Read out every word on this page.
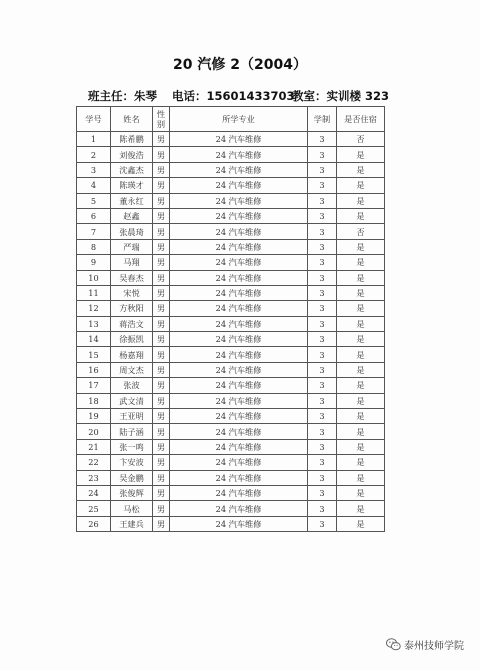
20 汽修 2（2004）
班主任：朱琴 电话：15601433703
教室：实训楼 323
学号	姓名	性别	所学专业	学制	是否住宿
1	陈希鹏	男	24 汽车维修	3	否
2	刘俊浩	男	24 汽车维修	3	是
3	沈鑫杰	男	24 汽车维修	3	是
4	陈瑛才	男	24 汽车维修	3	是
5	董永红	男	24 汽车维修	3	是
6	赵鑫	男	24 汽车维修	3	是
7	张晨琦	男	24 汽车维修	3	否
8	严瑞	男	24 汽车维修	3	是
9	马翔	男	24 汽车维修	3	是
10	吴春杰	男	24 汽车维修	3	是
11	宋悦	男	24 汽车维修	3	是
12	方秋阳	男	24 汽车维修	3	是
13	蒋浩文	男	24 汽车维修	3	是
14	徐振凯	男	24 汽车维修	3	是
15	杨嘉翔	男	24 汽车维修	3	是
16	周文杰	男	24 汽车维修	3	是
17	张波	男	24 汽车维修	3	是
18	武文清	男	24 汽车维修	3	是
19	王亚明	男	24 汽车维修	3	是
20	陆子涵	男	24 汽车维修	3	是
21	张一鸣	男	24 汽车维修	3	是
22	卞安波	男	24 汽车维修	3	是
23	吴金鹏	男	24 汽车维修	3	是
24	张俊辉	男	24 汽车维修	3	是
25	马松	男	24 汽车维修	3	是
26	王建兵	男	24 汽车维修	3	是
泰州技师学院
